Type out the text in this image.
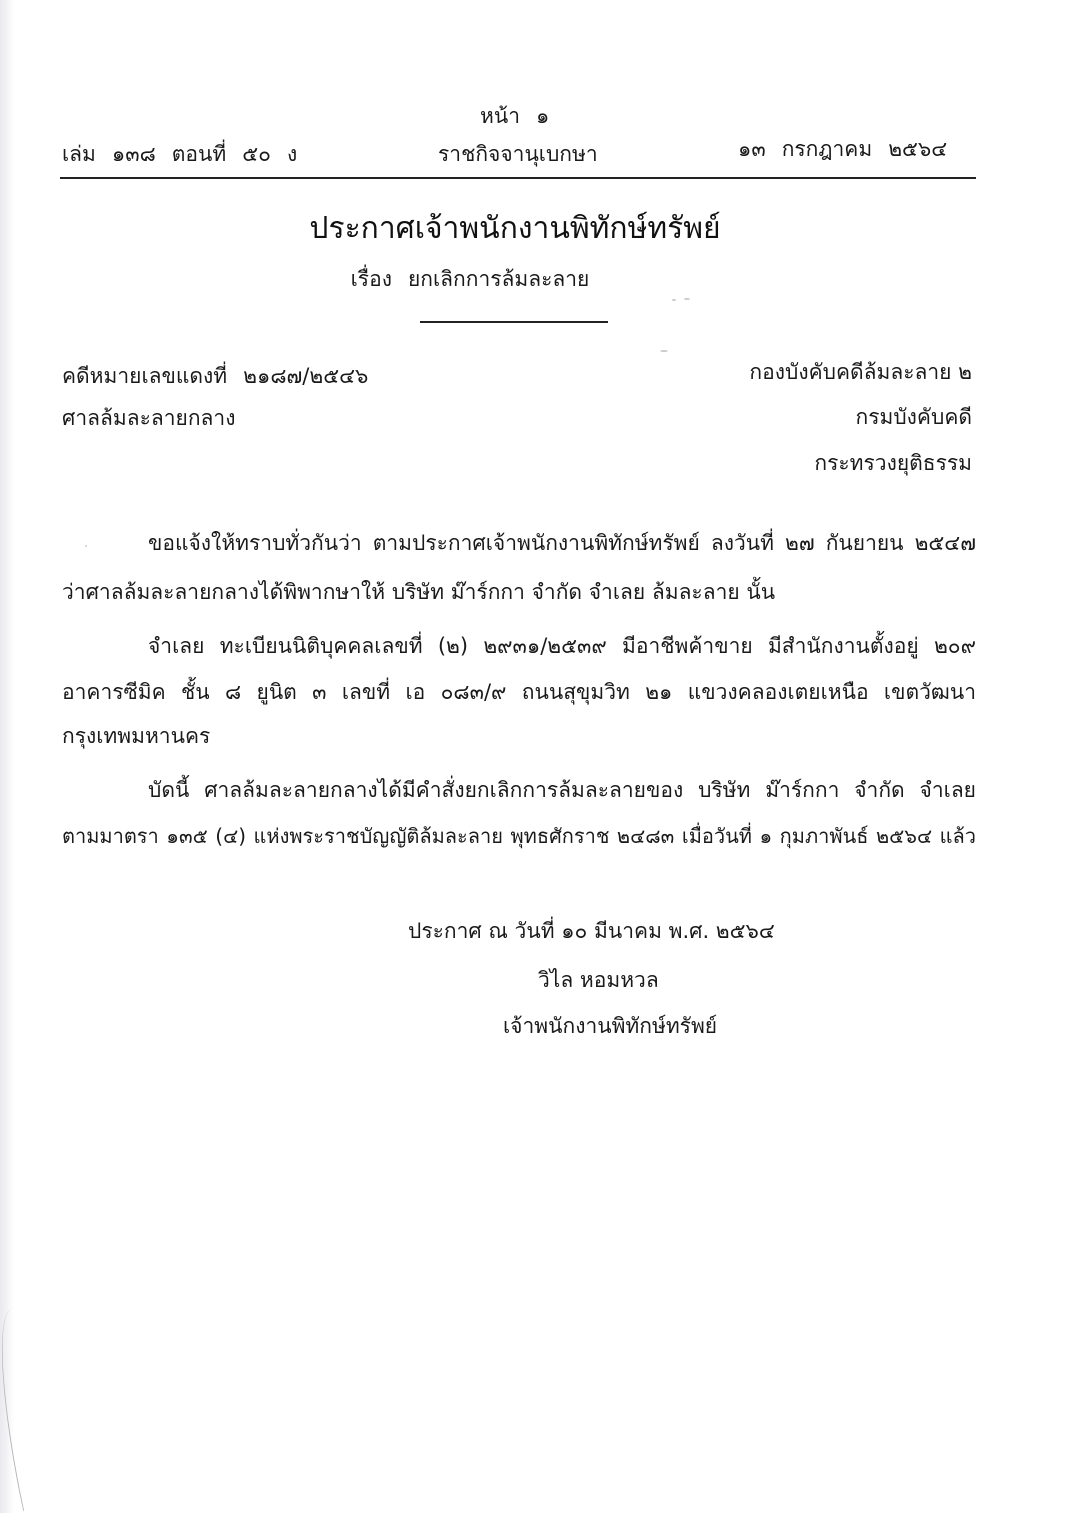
หน้า ๑
เล่ม ๑๓๘ ตอนที่ ๕๐ ง	ราชกิจจานุเบกษา	๑๓ กรกฎาคม ๒๕๖๔
ประกาศเจ้าพนักงานพิทักษ์ทรัพย์
เรื่อง ยกเลิกการล้มละลาย
คดีหมายเลขแดงที่ ๒๑๘๗/๒๕๔๖
ศาลล้มละลายกลาง
กองบังคับคดีล้มละลาย ๒
กรมบังคับคดี
กระทรวงยุติธรรม
ขอแจ้งให้ทราบทั่วกันว่า ตามประกาศเจ้าพนักงานพิทักษ์ทรัพย์ ลงวันที่ ๒๗ กันยายน ๒๕๔๗
ว่าศาลล้มละลายกลางได้พิพากษาให้ บริษัท ม๊าร์กกา จำกัด จำเลย ล้มละลาย นั้น
จำเลย ทะเบียนนิติบุคคลเลขที่ (๒) ๒๙๓๑/๒๕๓๙ มีอาชีพค้าขาย มีสำนักงานตั้งอยู่ ๒๐๙
อาคารซีมิค ชั้น ๘ ยูนิต ๓ เลขที่ เอ ๐๘๓/๙ ถนนสุขุมวิท ๒๑ แขวงคลองเตยเหนือ เขตวัฒนา
กรุงเทพมหานคร
บัดนี้ ศาลล้มละลายกลางได้มีคำสั่งยกเลิกการล้มละลายของ บริษัท ม๊าร์กกา จำกัด จำเลย
ตามมาตรา ๑๓๕ (๔) แห่งพระราชบัญญัติล้มละลาย พุทธศักราช ๒๔๘๓ เมื่อวันที่ ๑ กุมภาพันธ์ ๒๕๖๔ แล้ว
ประกาศ ณ วันที่ ๑๐ มีนาคม พ.ศ. ๒๕๖๔
วิไล หอมหวล
เจ้าพนักงานพิทักษ์ทรัพย์
